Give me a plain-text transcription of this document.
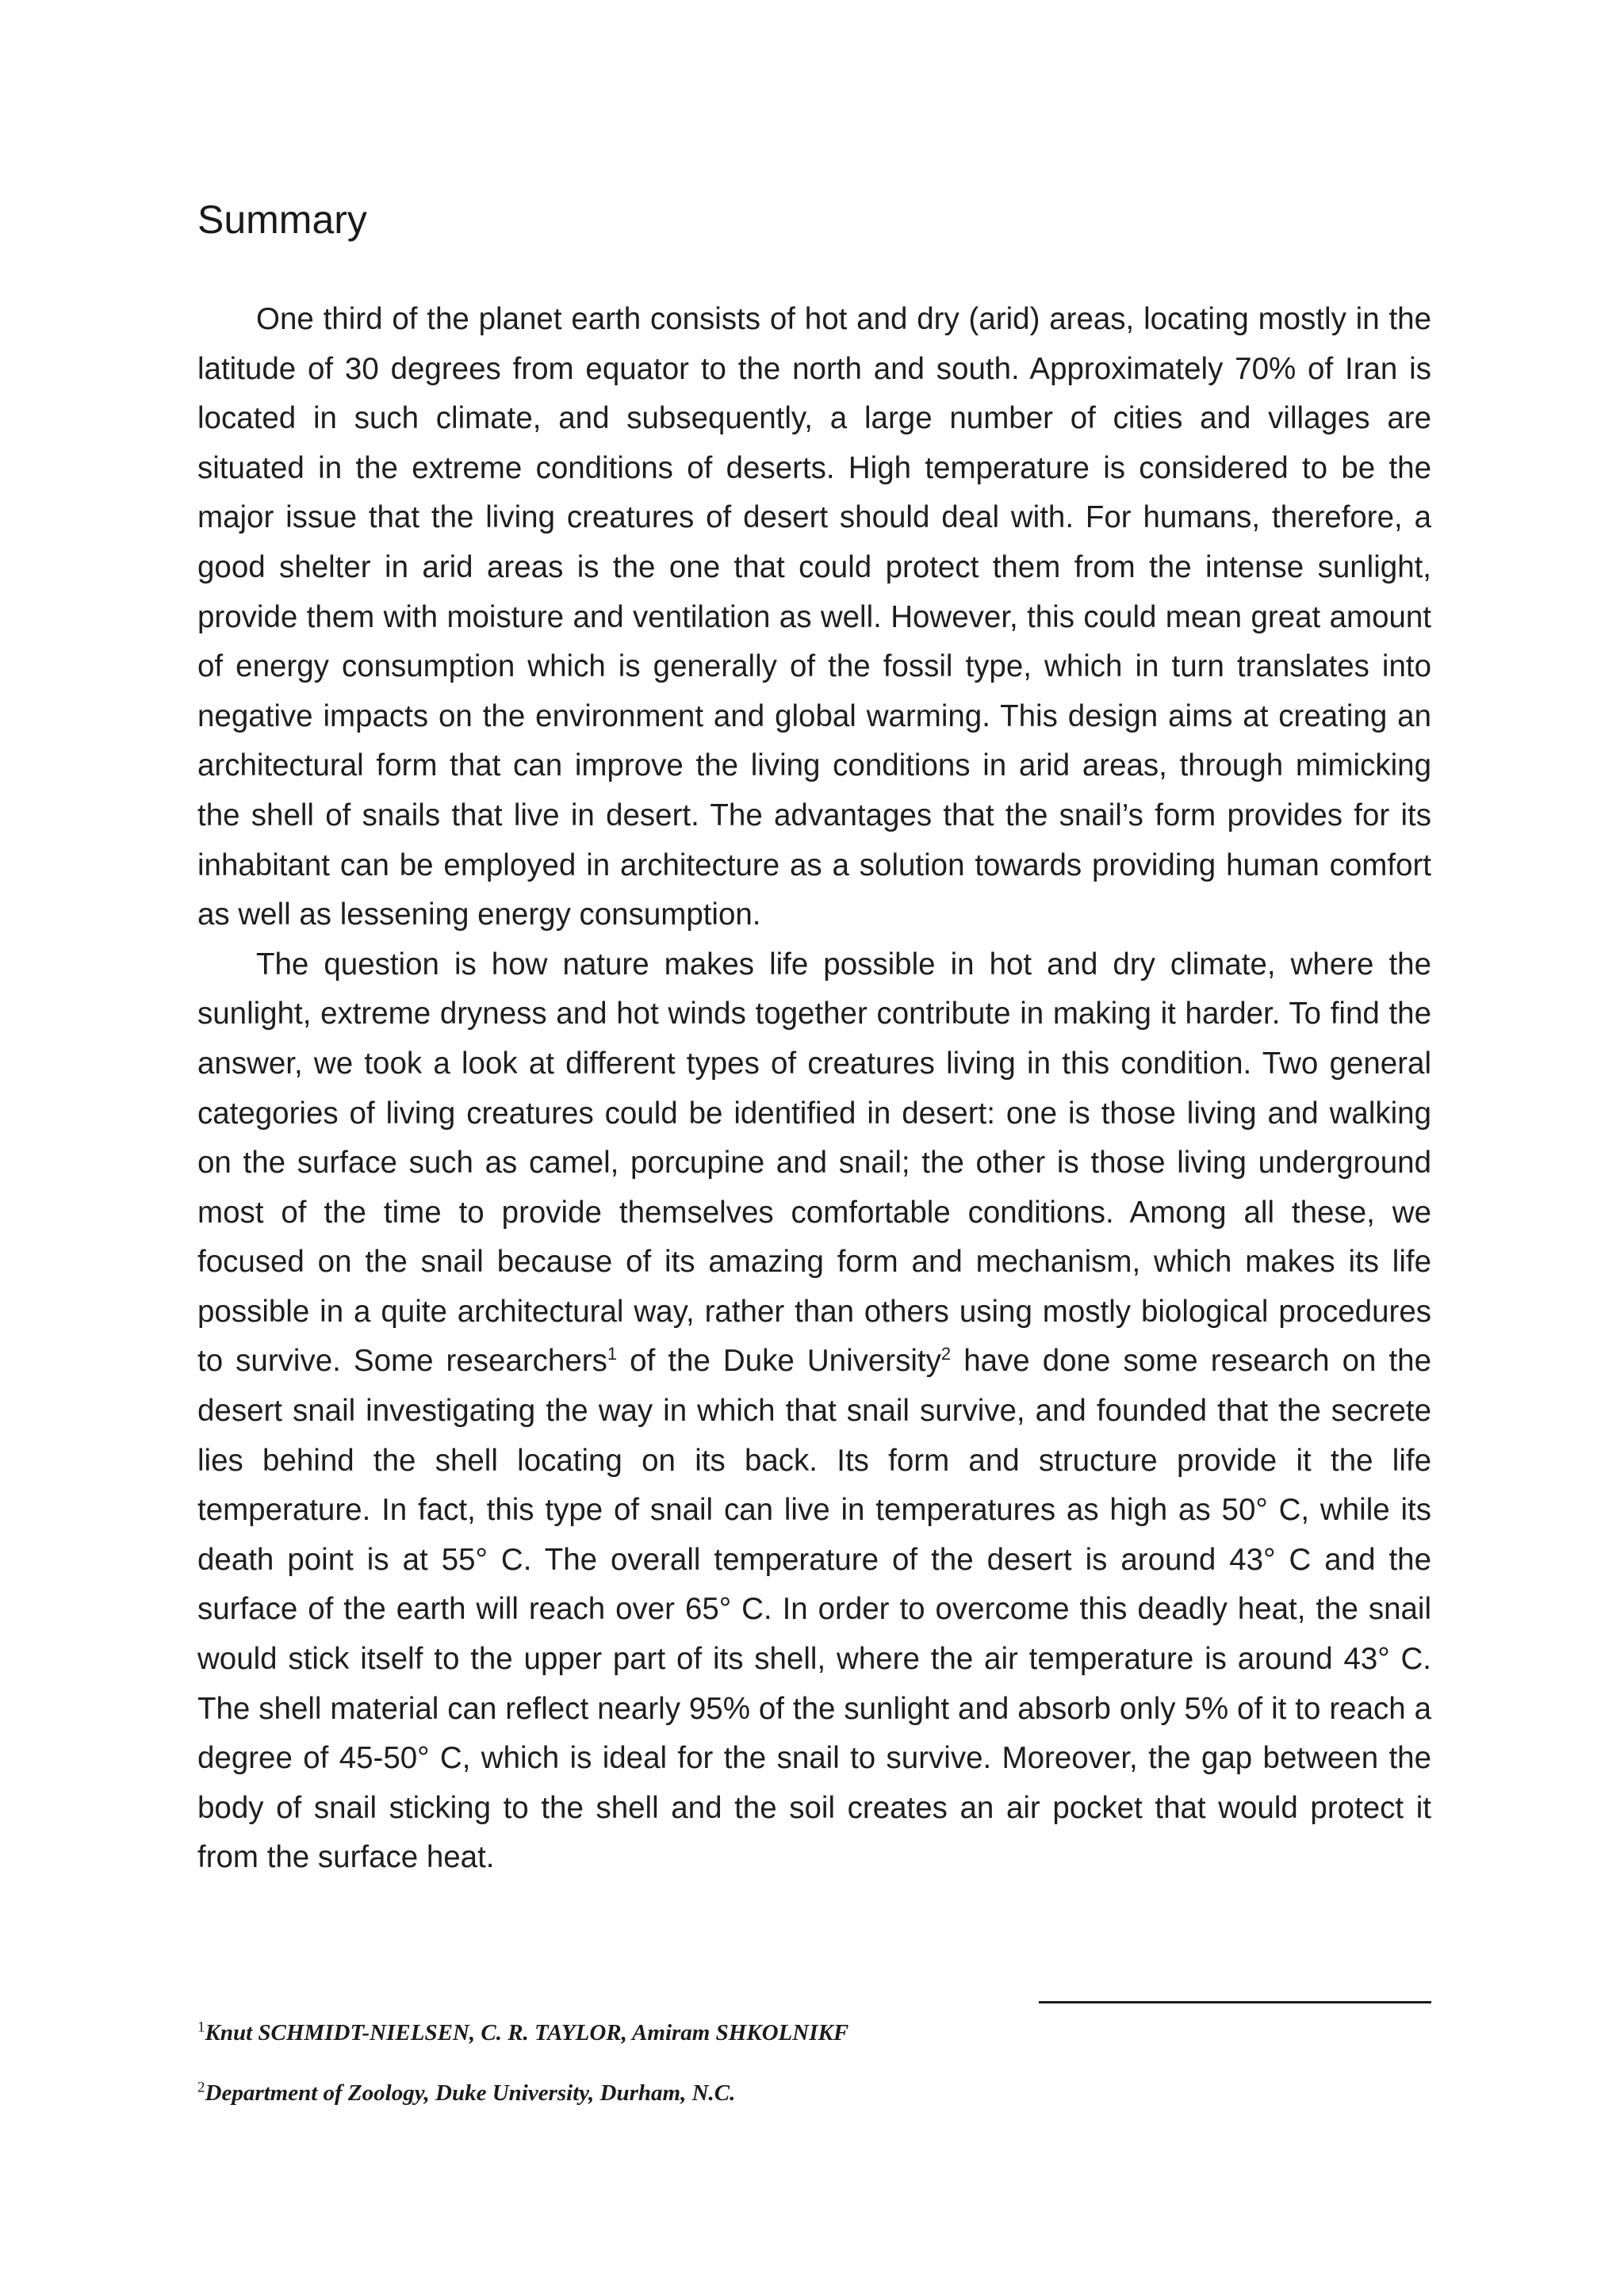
Summary

One third of the planet earth consists of hot and dry (arid) areas, locating mostly in the latitude of 30 degrees from equator to the north and south. Approximately 70% of Iran is located in such climate, and subsequently, a large number of cities and villages are situated in the extreme conditions of deserts. High temperature is considered to be the major issue that the living creatures of desert should deal with. For humans, therefore, a good shelter in arid areas is the one that could protect them from the intense sunlight, provide them with moisture and ventilation as well. However, this could mean great amount of energy consumption which is generally of the fossil type, which in turn translates into negative impacts on the environment and global warming. This design aims at creating an architectural form that can improve the living conditions in arid areas, through mimicking the shell of snails that live in desert. The advantages that the snail’s form provides for its inhabitant can be employed in architecture as a solution towards providing human comfort as well as lessening energy consumption.

The question is how nature makes life possible in hot and dry climate, where the sunlight, extreme dryness and hot winds together contribute in making it harder. To find the answer, we took a look at different types of creatures living in this condition. Two general categories of living creatures could be identified in desert: one is those living and walking on the surface such as camel, porcupine and snail; the other is those living underground most of the time to provide themselves comfortable conditions. Among all these, we focused on the snail because of its amazing form and mechanism, which makes its life possible in a quite architectural way, rather than others using mostly biological procedures to survive. Some researchers$^1$ of the Duke University$^2$ have done some research on the desert snail investigating the way in which that snail survive, and founded that the secrete lies behind the shell locating on its back. Its form and structure provide it the life temperature. In fact, this type of snail can live in temperatures as high as 50° C, while its death point is at 55° C. The overall temperature of the desert is around 43° C and the surface of the earth will reach over 65° C. In order to overcome this deadly heat, the snail would stick itself to the upper part of its shell, where the air temperature is around 43° C. The shell material can reflect nearly 95% of the sunlight and absorb only 5% of it to reach a degree of 45-50° C, which is ideal for the snail to survive. Moreover, the gap between the body of snail sticking to the shell and the soil creates an air pocket that would protect it from the surface heat.

$^1$Knut SCHMIDT-NIELSEN, C. R. TAYLOR, Amiram SHKOLNIKF
$^2$Department of Zoology, Duke University, Durham, N.C.
